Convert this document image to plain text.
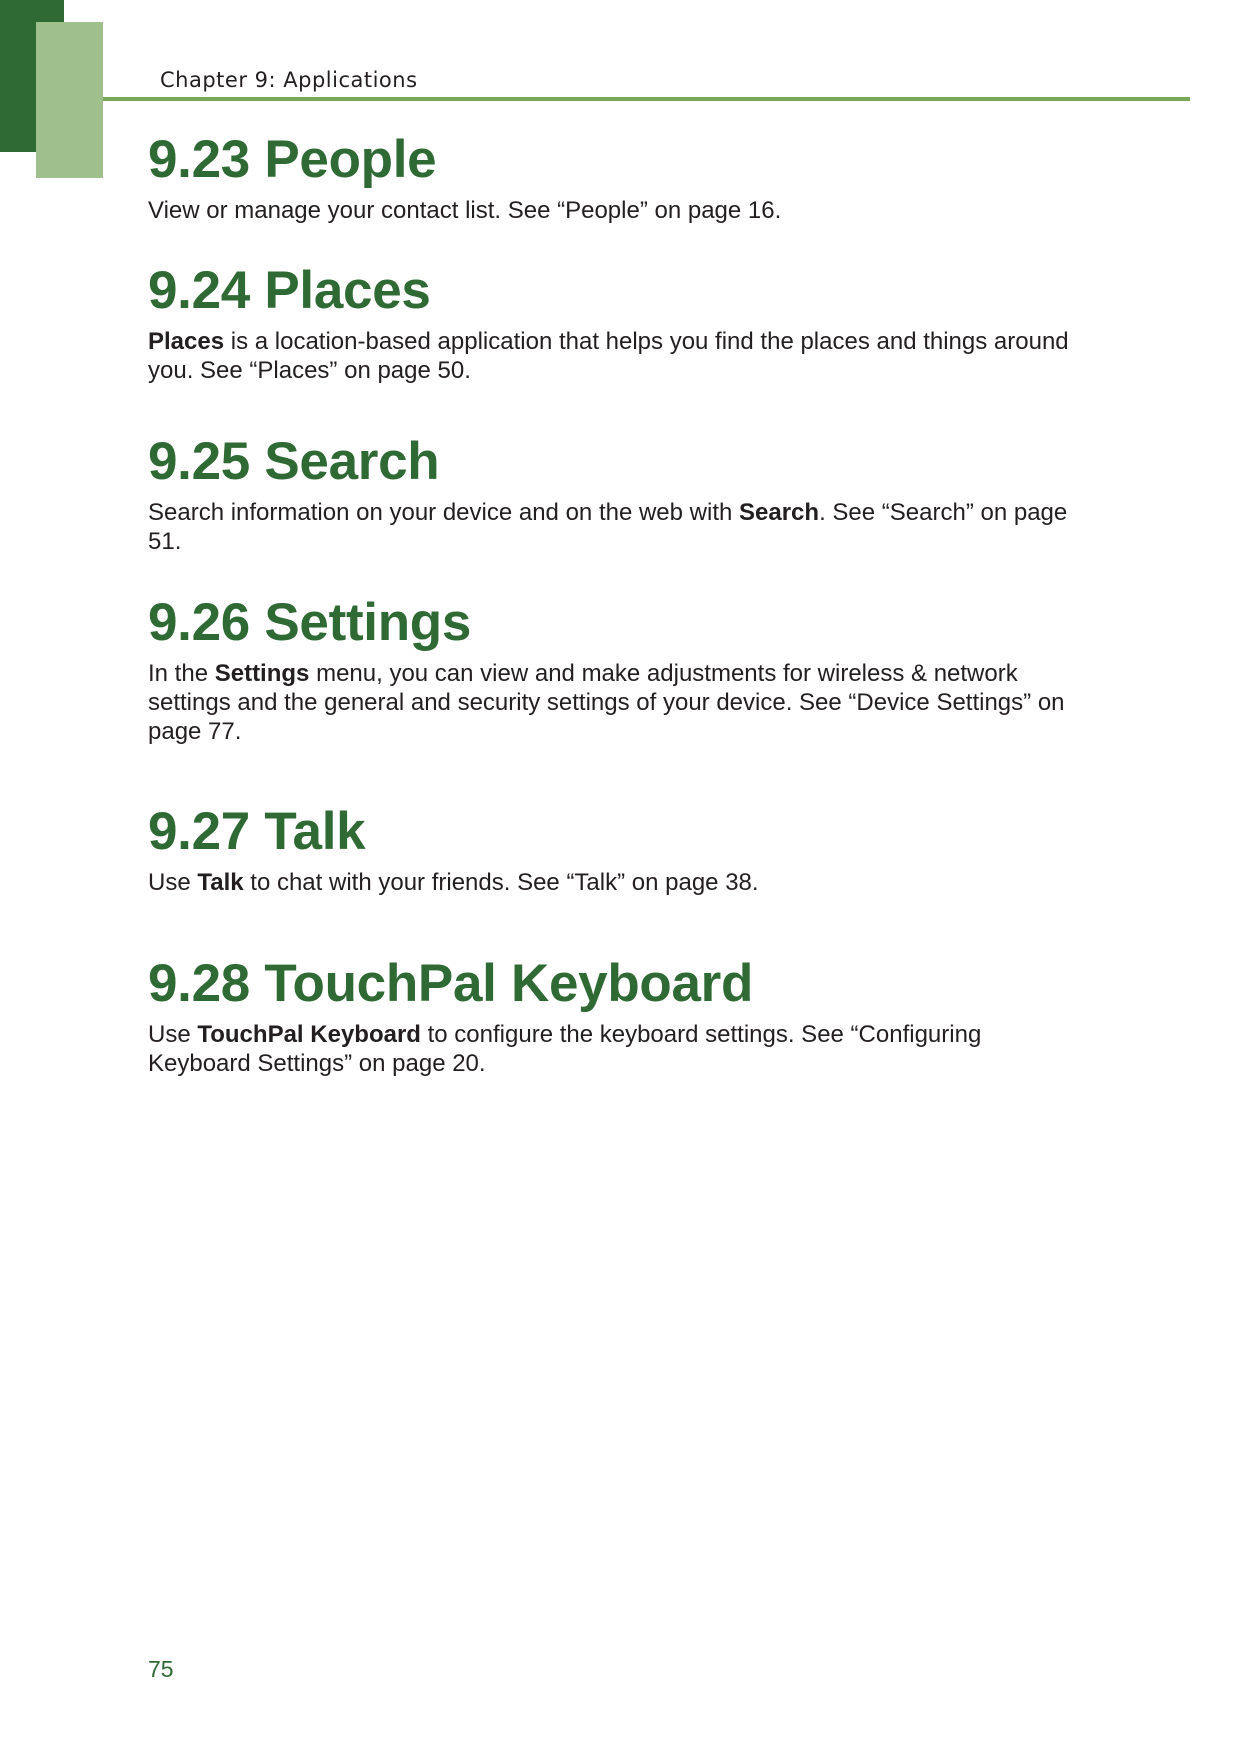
Chapter 9: Applications
9.23 People

View or manage your contact list. See “People” on page 16.

9.24 Places

Places is a location-based application that helps you find the places and things around you. See “Places” on page 50.

9.25 Search

Search information on your device and on the web with Search. See “Search” on page 51.

9.26 Settings

In the Settings menu, you can view and make adjustments for wireless & network settings and the general and security settings of your device. See “Device Settings” on page 77.

9.27 Talk

Use Talk to chat with your friends. See “Talk” on page 38.

9.28 TouchPal Keyboard

Use TouchPal Keyboard to configure the keyboard settings. See “Configuring Keyboard Settings” on page 20.

75
